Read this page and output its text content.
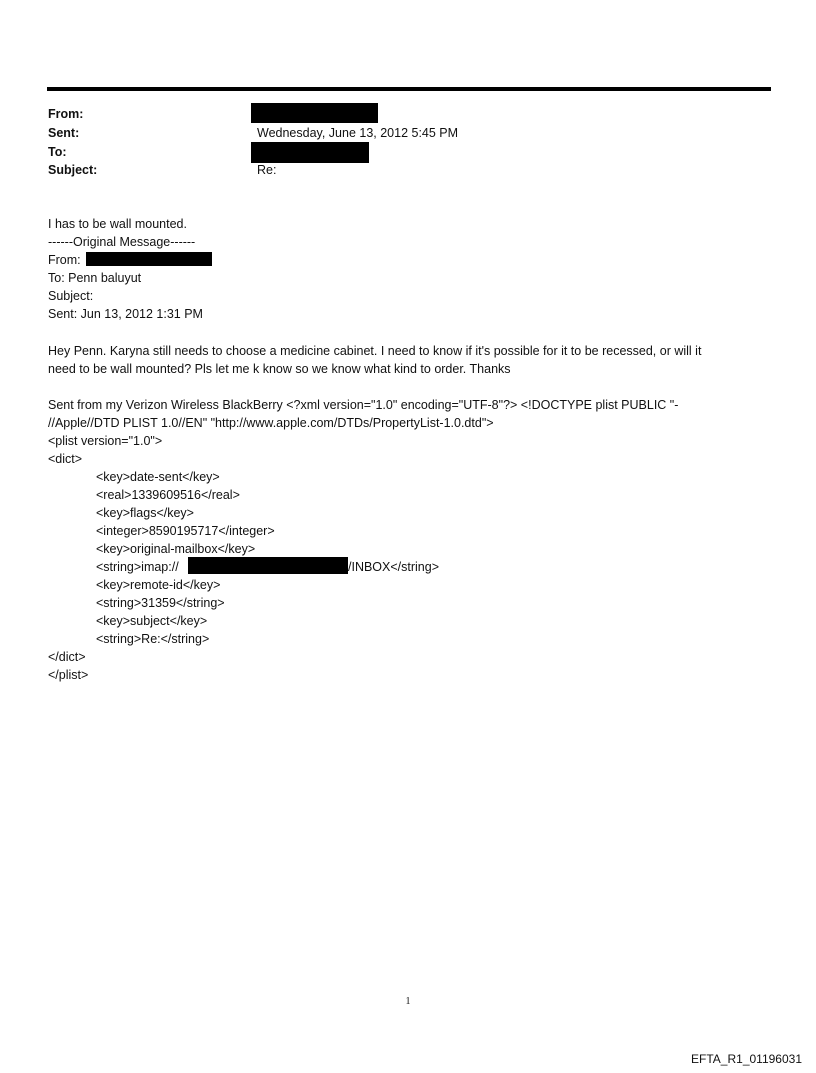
From:
Sent:	Wednesday, June 13, 2012 5:45 PM
To:
Subject:	Re:
I has to be wall mounted.
------Original Message------
From:
To: Penn baluyut
Subject:
Sent: Jun 13, 2012 1:31 PM
Hey Penn. Karyna still needs to choose a medicine cabinet. I need to know if it's possible for it to be recessed, or will it
need to be wall mounted? Pls let me k know so we know what kind to order. Thanks
Sent from my Verizon Wireless BlackBerry <?xml version="1.0" encoding="UTF-8"?> <!DOCTYPE plist PUBLIC "-
//Apple//DTD PLIST 1.0//EN" "http://www.apple.com/DTDs/PropertyList-1.0.dtd">
<plist version="1.0">
<dict>
<key>date-sent</key>
<real>1339609516</real>
<key>flags</key>
<integer>8590195717</integer>
<key>original-mailbox</key>
<string>imap://	/INBOX</string>
<key>remote-id</key>
<string>31359</string>
<key>subject</key>
<string>Re:</string>
</dict>
</plist>
1
EFTA_R1_01196031
